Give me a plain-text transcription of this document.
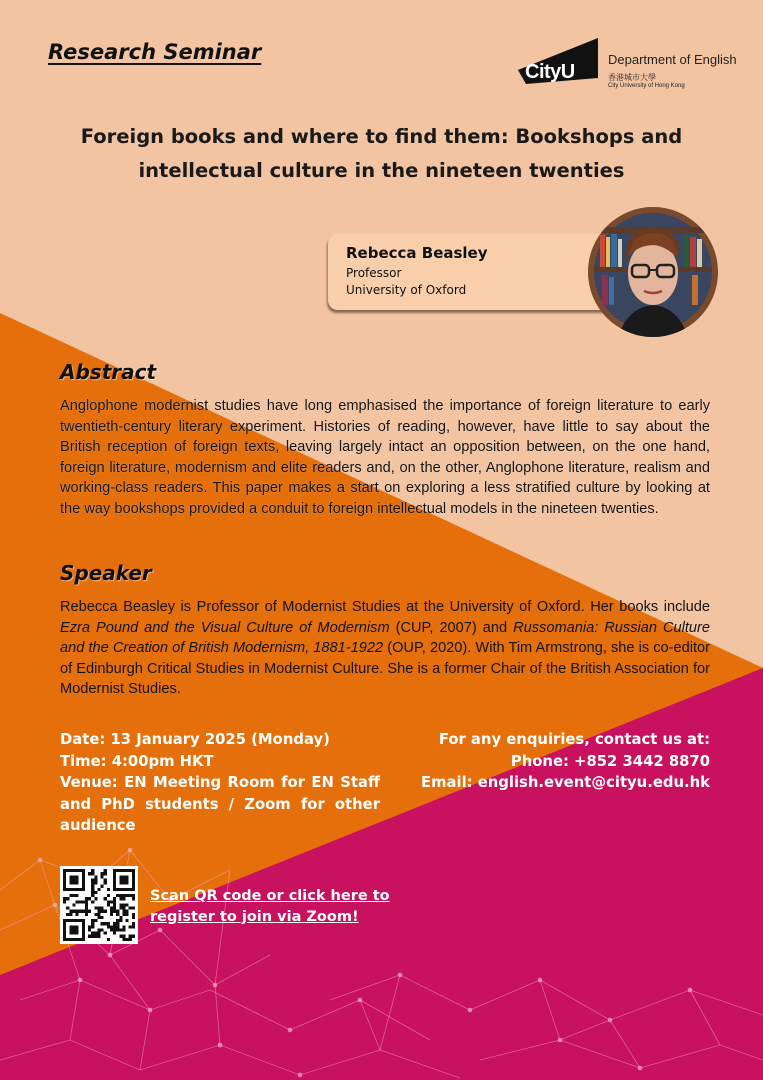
Research Seminar
CityU
Department of English
香港城市大學
City University of Hong Kong
Foreign books and where to find them: Bookshops and intellectual culture in the nineteen twenties
Rebecca Beasley
Professor
University of Oxford
Abstract
Anglophone modernist studies have long emphasised the importance of foreign literature to early twentieth-century literary experiment. Histories of reading, however, have little to say about the British reception of foreign texts, leaving largely intact an opposition between, on the one hand, foreign literature, modernism and elite readers and, on the other, Anglophone literature, realism and working-class readers. This paper makes a start on exploring a less stratified culture by looking at the way bookshops provided a conduit to foreign intellectual models in the nineteen twenties.
Speaker
Rebecca Beasley is Professor of Modernist Studies at the University of Oxford. Her books include Ezra Pound and the Visual Culture of Modernism (CUP, 2007) and Russomania: Russian Culture and the Creation of British Modernism, 1881-1922 (OUP, 2020). With Tim Armstrong, she is co-editor of Edinburgh Critical Studies in Modernist Culture. She is a former Chair of the British Association for Modernist Studies.
Date: 13 January 2025 (Monday)
Time: 4:00pm HKT
Venue: EN Meeting Room for EN Staff and PhD students / Zoom for other audience
For any enquiries, contact us at:
Phone: +852 3442 8870
Email: english.event@cityu.edu.hk
Scan QR code or click here to register to join via Zoom!
